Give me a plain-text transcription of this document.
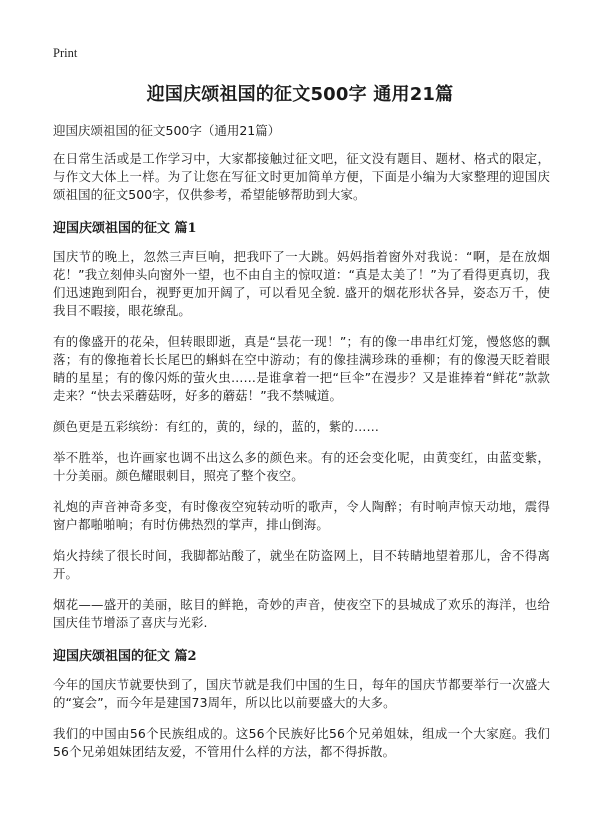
Print
迎国庆颂祖国的征文500字 通用21篇
迎国庆颂祖国的征文500字（通用21篇）

在日常生活或是工作学习中，大家都接触过征文吧，征文没有题目、题材、格式的限定，与作文大体上一样。为了让您在写征文时更加简单方便，下面是小编为大家整理的迎国庆颂祖国的征文500字，仅供参考，希望能够帮助到大家。

迎国庆颂祖国的征文 篇1

国庆节的晚上，忽然三声巨响，把我吓了一大跳。妈妈指着窗外对我说：“啊，是在放烟花！”我立刻伸头向窗外一望，也不由自主的惊叹道：“真是太美了！”为了看得更真切，我们迅速跑到阳台，视野更加开阔了，可以看见全貌. 盛开的烟花形状各异，姿态万千，使我目不暇接，眼花缭乱。

有的像盛开的花朵，但转眼即逝，真是“昙花一现！”；有的像一串串红灯笼，慢悠悠的飘落；有的像拖着长长尾巴的蝌蚪在空中游动；有的像挂满珍珠的垂柳；有的像漫天眨着眼睛的星星；有的像闪烁的萤火虫……是谁拿着一把“巨伞”在漫步？又是谁捧着“鲜花”款款走来？“快去采蘑菇呀，好多的蘑菇！”我不禁喊道。

颜色更是五彩缤纷：有红的，黄的，绿的，蓝的，紫的……

举不胜举，也许画家也调不出这么多的颜色来。有的还会变化呢，由黄变红，由蓝变紫，十分美丽。颜色耀眼刺目，照亮了整个夜空。

礼炮的声音神奇多变，有时像夜空宛转动听的歌声，令人陶醉；有时响声惊天动地，震得窗户都啪啪响；有时仿佛热烈的掌声，排山倒海。

焰火持续了很长时间，我脚都站酸了，就坐在防盗网上，目不转睛地望着那儿，舍不得离开。

烟花——盛开的美丽，眩目的鲜艳，奇妙的声音，使夜空下的县城成了欢乐的海洋，也给国庆佳节增添了喜庆与光彩.

迎国庆颂祖国的征文 篇2

今年的国庆节就要快到了，国庆节就是我们中国的生日，每年的国庆节都要举行一次盛大的“宴会”，而今年是建国73周年，所以比以前要盛大的大多。

我们的中国由56个民族组成的。这56个民族好比56个兄弟姐妹，组成一个大家庭。我们56个兄弟姐妹团结友爱，不管用什么样的方法，都不得拆散。
